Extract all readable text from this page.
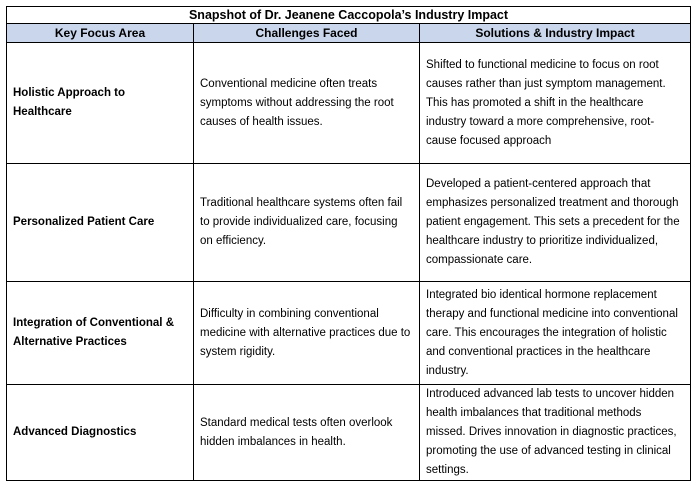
Snapshot of Dr. Jeanene Caccopola’s Industry Impact		
Key Focus Area	Challenges Faced	Solutions & Industry Impact
Holistic Approach to Healthcare	Conventional medicine often treats symptoms without addressing the root causes of health issues.	Shifted to functional medicine to focus on root causes rather than just symptom management. This has promoted a shift in the healthcare industry toward a more comprehensive, root-cause focused approach
Personalized Patient Care	Traditional healthcare systems often fail to provide individualized care, focusing on efficiency.	Developed a patient-centered approach that emphasizes personalized treatment and thorough patient engagement. This sets a precedent for the healthcare industry to prioritize individualized, compassionate care.
Integration of Conventional & Alternative Practices	Difficulty in combining conventional medicine with alternative practices due to system rigidity.	Integrated bio identical hormone replacement therapy and functional medicine into conventional care. This encourages the integration of holistic and conventional practices in the healthcare industry.
Advanced Diagnostics	Standard medical tests often overlook hidden imbalances in health.	Introduced advanced lab tests to uncover hidden health imbalances that traditional methods missed. Drives innovation in diagnostic practices, promoting the use of advanced testing in clinical settings.
